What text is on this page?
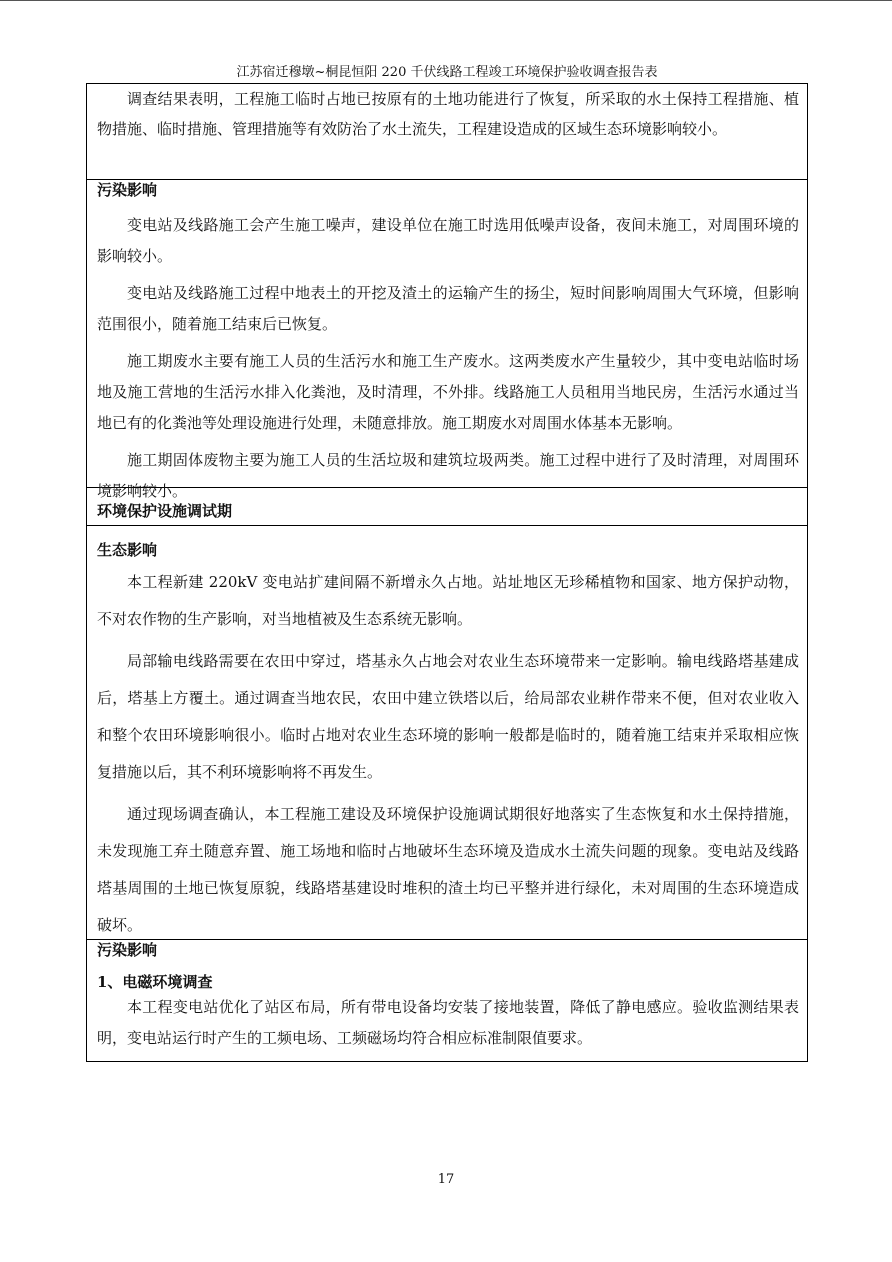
江苏宿迁穆墩~桐昆恒阳 220 千伏线路工程竣工环境保护验收调查报告表

调查结果表明，工程施工临时占地已按原有的土地功能进行了恢复，所采取的水土保持工程措施、植物措施、临时措施、管理措施等有效防治了水土流失，工程建设造成的区域生态环境影响较小。

污染影响

变电站及线路施工会产生施工噪声，建设单位在施工时选用低噪声设备，夜间未施工，对周围环境的影响较小。

变电站及线路施工过程中地表土的开挖及渣土的运输产生的扬尘，短时间影响周围大气环境，但影响范围很小，随着施工结束后已恢复。

施工期废水主要有施工人员的生活污水和施工生产废水。这两类废水产生量较少，其中变电站临时场地及施工营地的生活污水排入化粪池，及时清理，不外排。线路施工人员租用当地民房，生活污水通过当地已有的化粪池等处理设施进行处理，未随意排放。施工期废水对周围水体基本无影响。

施工期固体废物主要为施工人员的生活垃圾和建筑垃圾两类。施工过程中进行了及时清理，对周围环境影响较小。

环境保护设施调试期

生态影响

本工程新建 220kV 变电站扩建间隔不新增永久占地。站址地区无珍稀植物和国家、地方保护动物，不对农作物的生产影响，对当地植被及生态系统无影响。

局部输电线路需要在农田中穿过，塔基永久占地会对农业生态环境带来一定影响。输电线路塔基建成后，塔基上方覆土。通过调查当地农民，农田中建立铁塔以后，给局部农业耕作带来不便，但对农业收入和整个农田环境影响很小。临时占地对农业生态环境的影响一般都是临时的，随着施工结束并采取相应恢复措施以后，其不利环境影响将不再发生。

通过现场调查确认，本工程施工建设及环境保护设施调试期很好地落实了生态恢复和水土保持措施，未发现施工弃土随意弃置、施工场地和临时占地破坏生态环境及造成水土流失问题的现象。变电站及线路塔基周围的土地已恢复原貌，线路塔基建设时堆积的渣土均已平整并进行绿化，未对周围的生态环境造成破坏。

污染影响

1、电磁环境调查

本工程变电站优化了站区布局，所有带电设备均安装了接地装置，降低了静电感应。验收监测结果表明，变电站运行时产生的工频电场、工频磁场均符合相应标准制限值要求。

17
